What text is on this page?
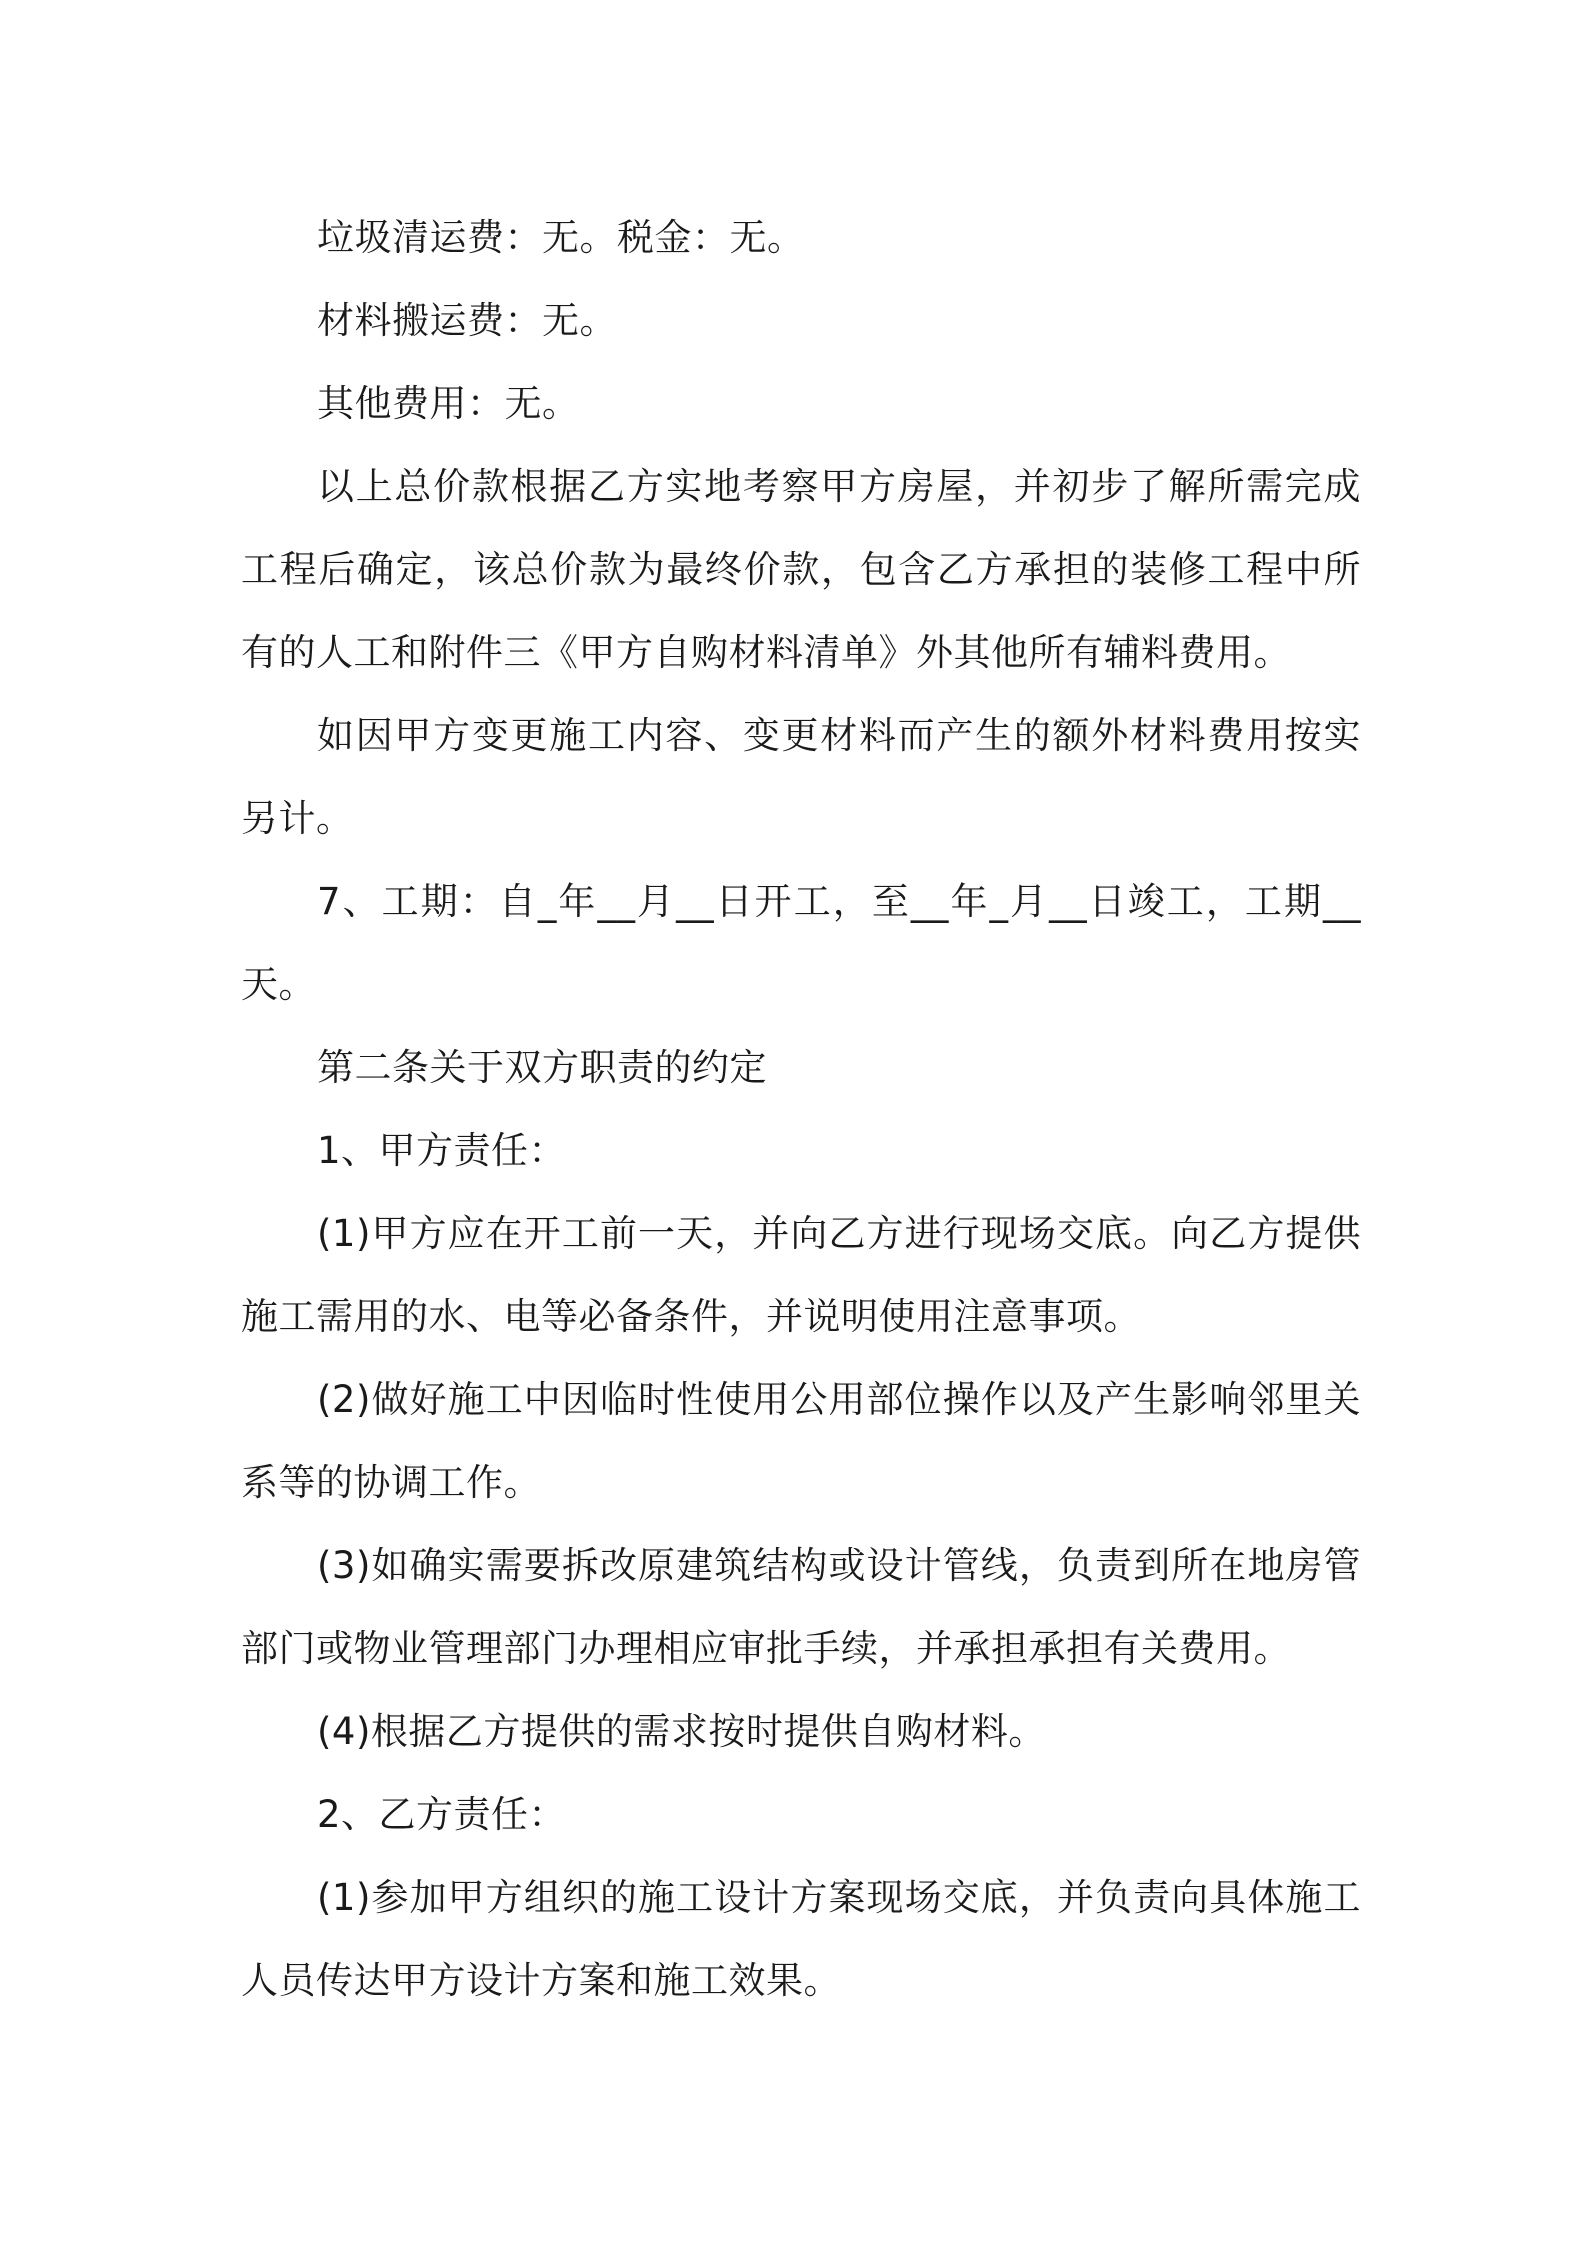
垃圾清运费：无。税金：无。

材料搬运费：无。

其他费用：无。

以上总价款根据乙方实地考察甲方房屋，并初步了解所需完成工程后确定，该总价款为最终价款，包含乙方承担的装修工程中所有的人工和附件三《甲方自购材料清单》外其他所有辅料费用。

如因甲方变更施工内容、变更材料而产生的额外材料费用按实另计。

7、工期：自_年__月__日开工，至__年_月__日竣工，工期__天。

第二条关于双方职责的约定

1、甲方责任：

(1)甲方应在开工前一天，并向乙方进行现场交底。向乙方提供施工需用的水、电等必备条件，并说明使用注意事项。

(2)做好施工中因临时性使用公用部位操作以及产生影响邻里关系等的协调工作。

(3)如确实需要拆改原建筑结构或设计管线，负责到所在地房管部门或物业管理部门办理相应审批手续，并承担承担有关费用。

(4)根据乙方提供的需求按时提供自购材料。

2、乙方责任：

(1)参加甲方组织的施工设计方案现场交底，并负责向具体施工人员传达甲方设计方案和施工效果。
